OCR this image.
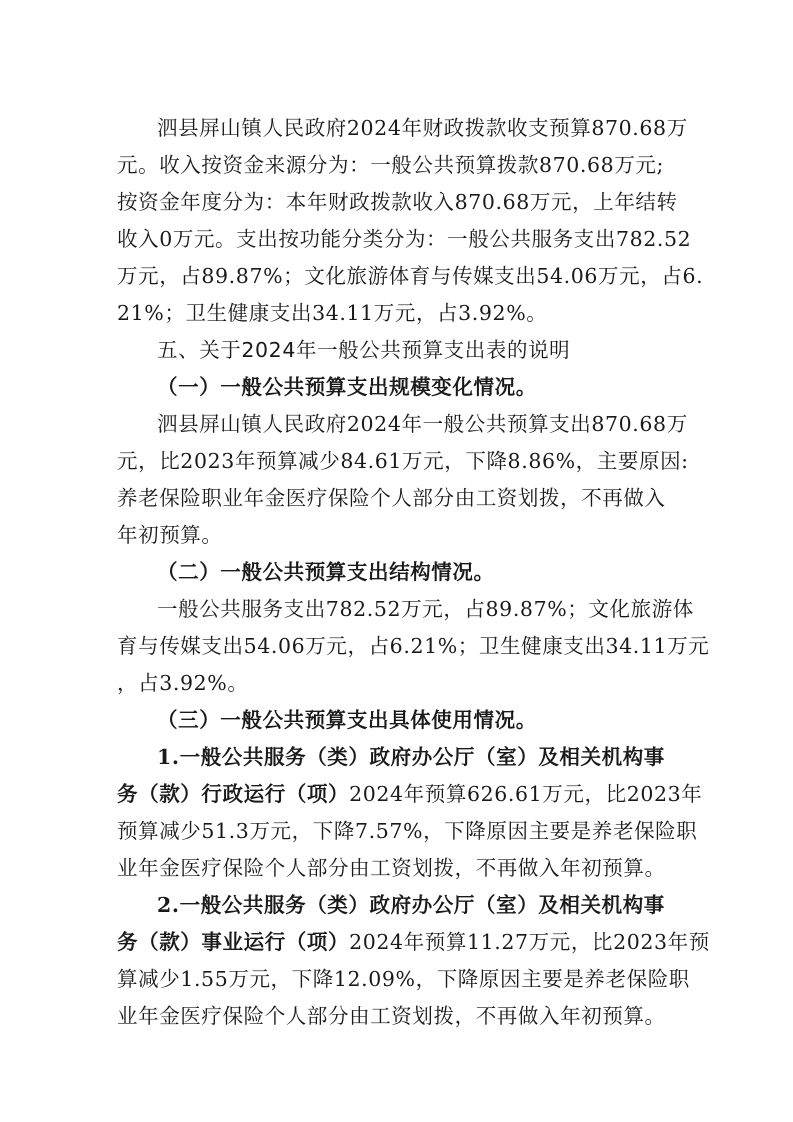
泗县屏山镇人民政府2024年财政拨款收支预算870.68万
元。收入按资金来源分为：一般公共预算拨款870.68万元;
按资金年度分为：本年财政拨款收入870.68万元，上年结转
收入0万元。支出按功能分类分为：一般公共服务支出782.52
万元，占89.87%；文化旅游体育与传媒支出54.06万元，占6.
21%；卫生健康支出34.11万元，占3.92%。
五、关于2024年一般公共预算支出表的说明
（一）一般公共预算支出规模变化情况。
泗县屏山镇人民政府2024年一般公共预算支出870.68万
元，比2023年预算减少84.61万元，下降8.86%，主要原因:
养老保险职业年金医疗保险个人部分由工资划拨，不再做入
年初预算。
（二）一般公共预算支出结构情况。
一般公共服务支出782.52万元，占89.87%；文化旅游体
育与传媒支出54.06万元，占6.21%；卫生健康支出34.11万元
，占3.92%。
（三）一般公共预算支出具体使用情况。
1.一般公共服务（类）政府办公厅（室）及相关机构事
务（款）行政运行（项）2024年预算626.61万元，比2023年
预算减少51.3万元，下降7.57%，下降原因主要是养老保险职
业年金医疗保险个人部分由工资划拨，不再做入年初预算。
2.一般公共服务（类）政府办公厅（室）及相关机构事
务（款）事业运行（项）2024年预算11.27万元，比2023年预
算减少1.55万元，下降12.09%，下降原因主要是养老保险职
业年金医疗保险个人部分由工资划拨，不再做入年初预算。
